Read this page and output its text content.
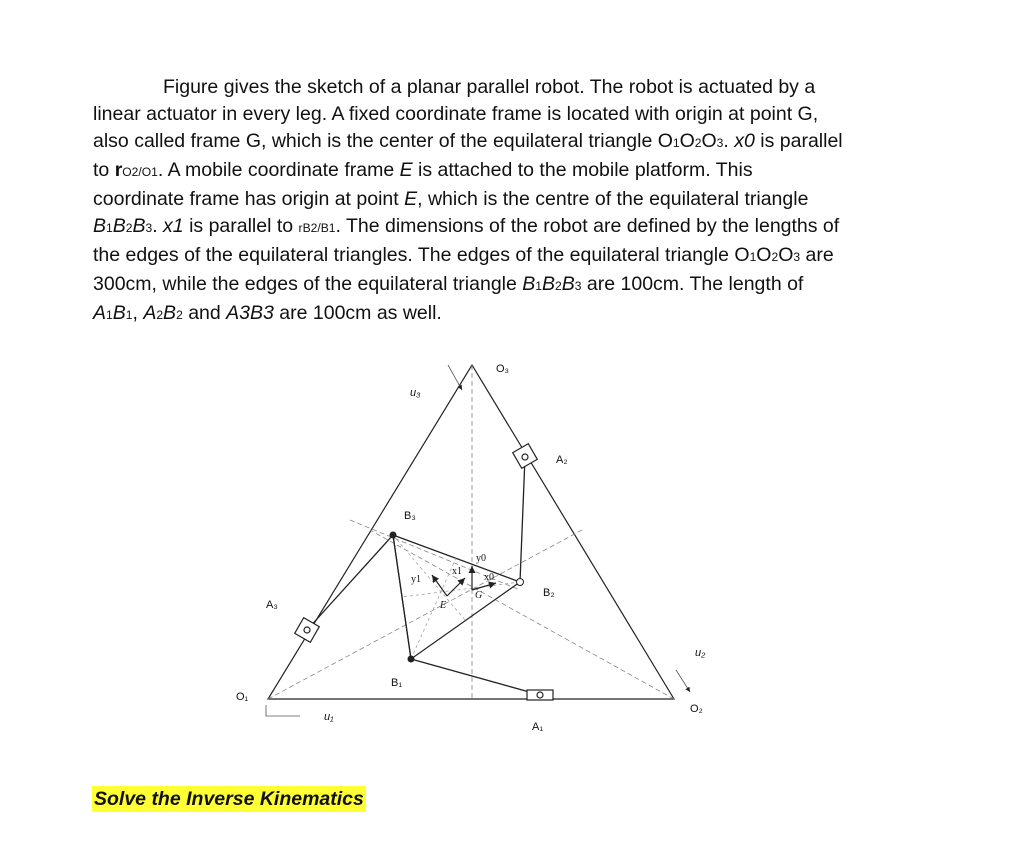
Figure gives the sketch of a planar parallel robot. The robot is actuated by a
linear actuator in every leg. A fixed coordinate frame is located with origin at point G,
also called frame G, which is the center of the equilateral triangle O1O2O3. x0 is parallel
to rO2/O1. A mobile coordinate frame E is attached to the mobile platform. This
coordinate frame has origin at point E, which is the centre of the equilateral triangle
B1B2B3. x1 is parallel to rB2/B1. The dimensions of the robot are defined by the lengths of
the edges of the equilateral triangles. The edges of the equilateral triangle O1O2O3 are
300cm, while the edges of the equilateral triangle B1B2B3 are 100cm. The length of
A1B1, A2B2 and A3B3 are 100cm as well.
O₁
O₂
O₃
A₁
A₂
A₃
B₁
B₂
B₃
u₁
u₂
u₃
y0
x0
G
E
y1
x1
Solve the Inverse Kinematics
